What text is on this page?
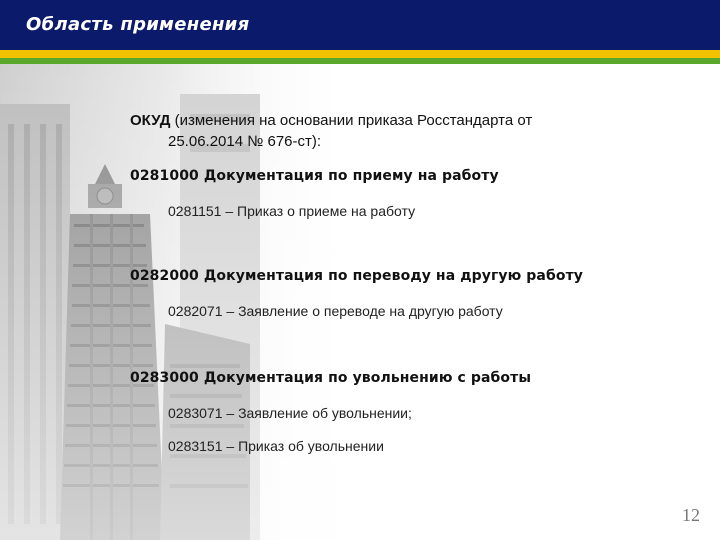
Область применения
ОКУД (изменения на основании приказа Росстандарта от
25.06.2014 № 676-ст):
0281000 Документация по приему на работу
0281151 – Приказ о приеме на работу
0282000 Документация по переводу на другую работу
0282071 – Заявление о переводе на другую работу
0283000 Документация по увольнению с работы
0283071 – Заявление об увольнении;
0283151 – Приказ об увольнении
12
